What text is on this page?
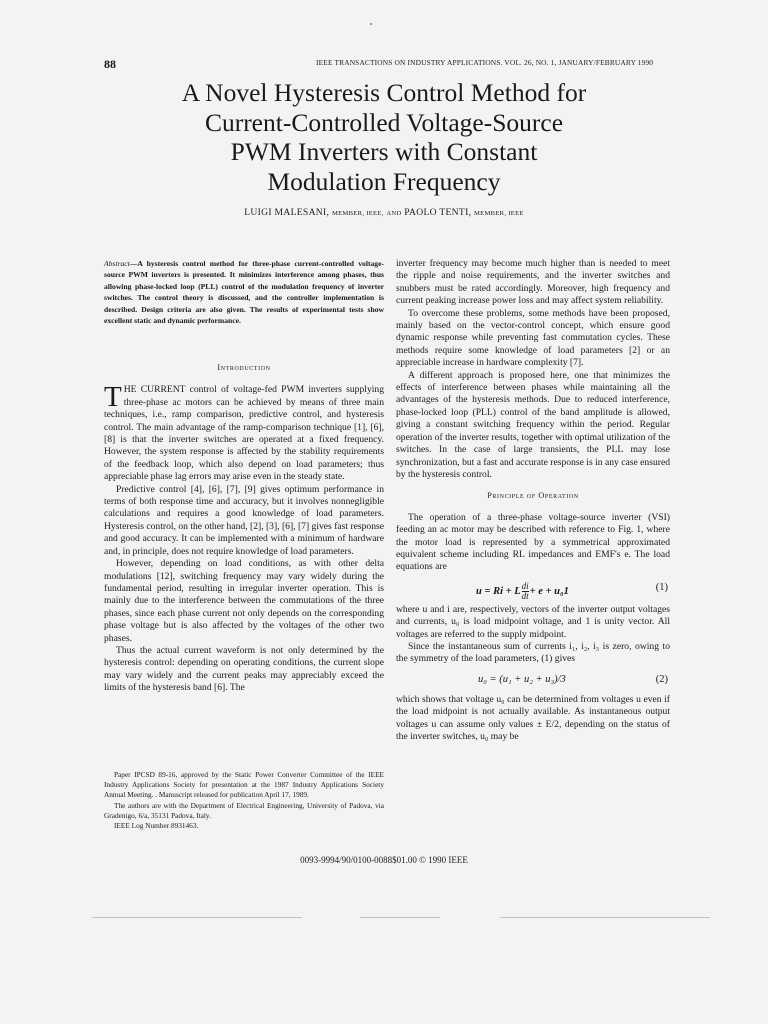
88	IEEE TRANSACTIONS ON INDUSTRY APPLICATIONS. VOL. 26, NO. 1, JANUARY/FEBRUARY 1990
A Novel Hysteresis Control Method for
Current-Controlled Voltage-Source
PWM Inverters with Constant
Modulation Frequency
LUIGI MALESANI, MEMBER, IEEE, AND PAOLO TENTI, MEMBER, IEEE
Abstract—A hysteresis control method for three-phase current-controlled voltage-source PWM inverters is presented. It minimizes interference among phases, thus allowing phase-locked loop (PLL) control of the modulation frequency of inverter switches. The control theory is discussed, and the controller implementation is described. Design criteria are also given. The results of experimental tests show excellent static and dynamic performance.
Introduction

THE CURRENT control of voltage-fed PWM inverters supplying three-phase ac motors can be achieved by means of three main techniques, i.e., ramp comparison, predictive control, and hysteresis control. The main advantage of the ramp-comparison technique [1], [6], [8] is that the inverter switches are operated at a fixed frequency. However, the system response is affected by the stability requirements of the feedback loop, which also depend on load parameters; thus appreciable phase lag errors may arise even in the steady state.

Predictive control [4], [6], [7], [9] gives optimum performance in terms of both response time and accuracy, but it involves nonnegligible calculations and requires a good knowledge of load parameters. Hysteresis control, on the other hand, [2], [3], [6], [7] gives fast response and good accuracy. It can be implemented with a minimum of hardware and, in principle, does not require knowledge of load parameters.

However, depending on load conditions, as with other delta modulations [12], switching frequency may vary widely during the fundamental period, resulting in irregular inverter operation. This is mainly due to the interference between the commutations of the three phases, since each phase current not only depends on the corresponding phase voltage but is also affected by the voltages of the other two phases.

Thus the actual current waveform is not only determined by the hysteresis control: depending on operating conditions, the current slope may vary widely and the current peaks may appreciably exceed the limits of the hysteresis band [6]. The

Paper IPCSD 89-16, approved by the Static Power Converter Committee of the IEEE Industry Applications Society for presentation at the 1987 Industry Applications Society Annual Meeting. . Manuscript released for publication April 17, 1989.

The authors are with the Department of Electrical Engineering, University of Padova, via Gradenigo, 6/a, 35131 Padova, Italy.

IEEE Log Number 8931463.

inverter frequency may become much higher than is needed to meet the ripple and noise requirements, and the inverter switches and snubbers must be rated accordingly. Moreover, high frequency and current peaking increase power loss and may affect system reliability.

To overcome these problems, some methods have been proposed, mainly based on the vector-control concept, which ensure good dynamic response while preventing fast commutation cycles. These methods require some knowledge of load parameters [2] or an appreciable increase in hardware complexity [7].

A different approach is proposed here, one that minimizes the effects of interference between phases while maintaining all the advantages of the hysteresis methods. Due to reduced interference, phase-locked loop (PLL) control of the band amplitude is allowed, giving a constant switching frequency within the period. Regular operation of the inverter results, together with optimal utilization of the switches. In the case of large transients, the PLL may lose synchronization, but a fast and accurate response is in any case ensured by the hysteresis control.

Principle of Operation

The operation of a three-phase voltage-source inverter (VSI) feeding an ac motor may be described with reference to Fig. 1, where the motor load is represented by a symmetrical approximated equivalent scheme including RL impedances and EMF's e. The load equations are

u = Ri + L $\frac{di}{dt} + e + u_01$	(1)

where u and i are, respectively, vectors of the inverter output voltages and currents, u₀ is load midpoint voltage, and 1 is unity vector. All voltages are referred to the supply midpoint.

Since the instantaneous sum of currents i₁, i₂, i₃ is zero, owing to the symmetry of the load parameters, (1) gives

u₀ = (u₁ + u₂ + u₃)/3	(2)

which shows that voltage u₀ can be determined from voltages u even if the load midpoint is not actually available. As instantaneous output voltages u can assume only values ± E/2, depending on the status of the inverter switches, u₀ may be

0093-9994/90/0100-0088$01.00 © 1990 IEEE
